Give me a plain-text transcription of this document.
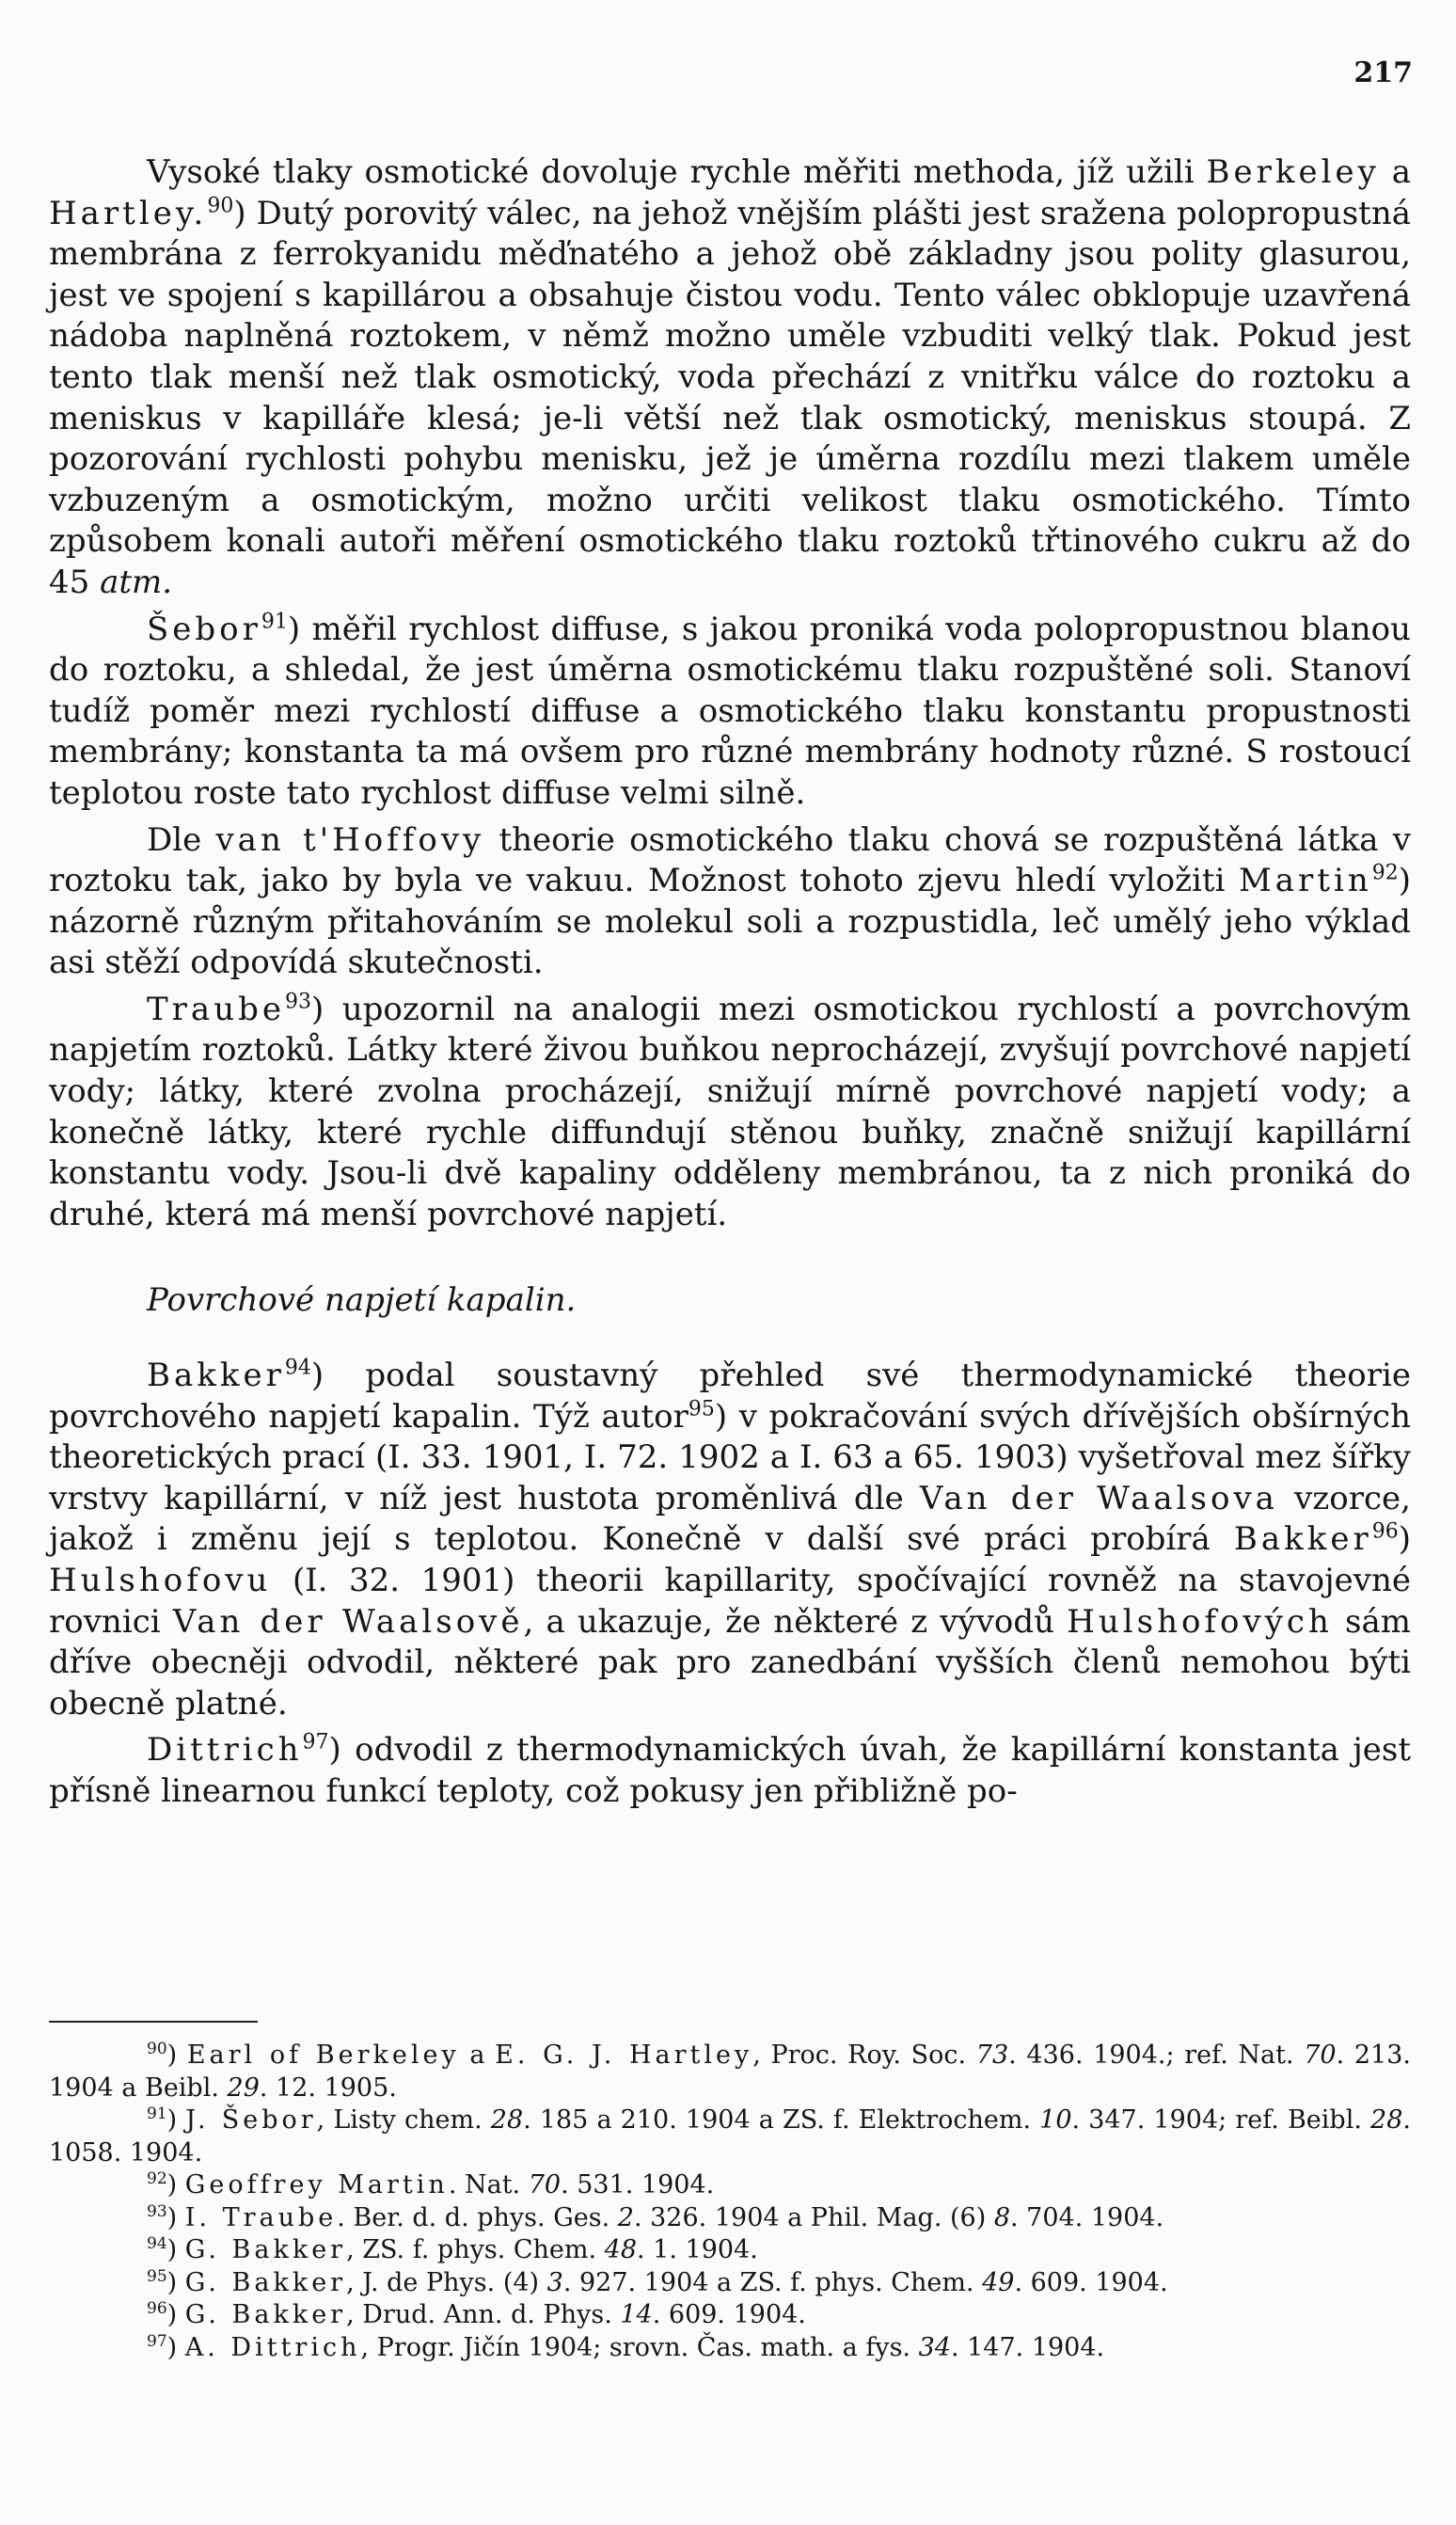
217

Vysoké tlaky osmotické dovoluje rychle měřiti methoda, jíž užili Berkeley a Hartley.$^{90}$) Dutý porovitý válec, na jehož vnějším plášti jest sražena polopropustná membrána z ferrokyanidu měďnatého a jehož obě základny jsou polity glasurou, jest ve spojení s kapillárou a obsahuje čistou vodu. Tento válec obklopuje uzavřená nádoba naplněná roztokem, v němž možno uměle vzbuditi velký tlak. Pokud jest tento tlak menší než tlak osmotický, voda přechází z vnitřku válce do roztoku a meniskus v kapilláře klesá; je-li větší než tlak osmotický, meniskus stoupá. Z pozorování rychlosti pohybu menisku, jež je úměrna rozdílu mezi tlakem uměle vzbuzeným a osmotickým, možno určiti velikost tlaku osmotického. Tímto způsobem konali autoři měření osmotického tlaku roztoků třtinového cukru až do 45 atm.

Šebor$^{91}$) měřil rychlost diffuse, s jakou proniká voda polopropustnou blanou do roztoku, a shledal, že jest úměrna osmotickému tlaku rozpuštěné soli. Stanoví tudíž poměr mezi rychlostí diffuse a osmotického tlaku konstantu propustnosti membrány; konstanta ta má ovšem pro různé membrány hodnoty různé. S rostoucí teplotou roste tato rychlost diffuse velmi silně.

Dle van t'Hoffovy theorie osmotického tlaku chová se rozpuštěná látka v roztoku tak, jako by byla ve vakuu. Možnost tohoto zjevu hledí vyložiti Martin$^{92}$) názorně různým přitahováním se molekul soli a rozpustidla, leč umělý jeho výklad asi stěží odpovídá skutečnosti.

Traube$^{93}$) upozornil na analogii mezi osmotickou rychlostí a povrchovým napjetím roztoků. Látky které živou buňkou neprocházejí, zvyšují povrchové napjetí vody; látky, které zvolna procházejí, snižují mírně povrchové napjetí vody; a konečně látky, které rychle diffundují stěnou buňky, značně snižují kapillární konstantu vody. Jsou-li dvě kapaliny odděleny membránou, ta z nich proniká do druhé, která má menší povrchové napjetí.

Povrchové napjetí kapalin.

Bakker$^{94}$) podal soustavný přehled své thermodynamické theorie povrchového napjetí kapalin. Týž autor$^{95}$) v pokračování svých dřívějších obšírných theoretických prací (I. 33. 1901, I. 72. 1902 a I. 63 a 65. 1903) vyšetřoval mez šířky vrstvy kapillární, v níž jest hustota proměnlivá dle Van der Waalsova vzorce, jakož i změnu její s teplotou. Konečně v další své práci probírá Bakker$^{96}$) Hulshofovu (I. 32. 1901) theorii kapillarity, spočívající rovněž na stavojevné rovnici Van der Waalsově, a ukazuje, že některé z vývodů Hulshofových sám dříve obecněji odvodil, některé pak pro zanedbání vyšších členů nemohou býti obecně platné.

Dittrich$^{97}$) odvodil z thermodynamických úvah, že kapillární konstanta jest přísně linearnou funkcí teploty, což pokusy jen přibližně po-

$^{90}$) Earl of Berkeley a E. G. J. Hartley, Proc. Roy. Soc. 73. 436. 1904.; ref. Nat. 70. 213. 1904 a Beibl. 29. 12. 1905.
$^{91}$) J. Šebor, Listy chem. 28. 185 a 210. 1904 a ZS. f. Elektrochem. 10. 347. 1904; ref. Beibl. 28. 1058. 1904.
$^{92}$) Geoffrey Martin. Nat. 70. 531. 1904.
$^{93}$) I. Traube. Ber. d. d. phys. Ges. 2. 326. 1904 a Phil. Mag. (6) 8. 704. 1904.
$^{94}$) G. Bakker, ZS. f. phys. Chem. 48. 1. 1904.
$^{95}$) G. Bakker, J. de Phys. (4) 3. 927. 1904 a ZS. f. phys. Chem. 49. 609. 1904.
$^{96}$) G. Bakker, Drud. Ann. d. Phys. 14. 609. 1904.
$^{97}$) A. Dittrich, Progr. Jičín 1904; srovn. Čas. math. a fys. 34. 147. 1904.
